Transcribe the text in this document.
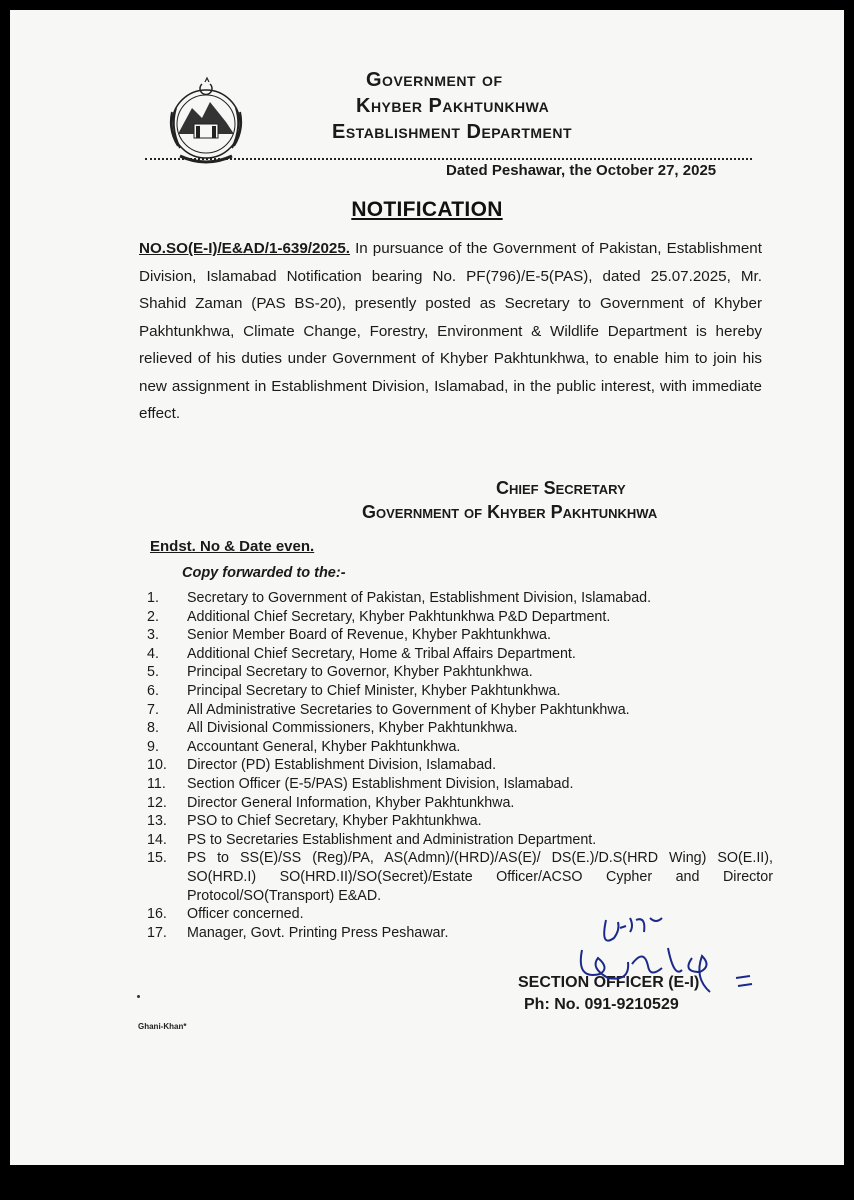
Government of
Khyber Pakhtunkhwa
Establishment Department
Dated Peshawar, the October 27, 2025
NOTIFICATION
NO.SO(E-I)/E&AD/1-639/2025. In pursuance of the Government of Pakistan, Establishment Division, Islamabad Notification bearing No. PF(796)/E-5(PAS), dated 25.07.2025, Mr. Shahid Zaman (PAS BS-20), presently posted as Secretary to Government of Khyber Pakhtunkhwa, Climate Change, Forestry, Environment & Wildlife Department is hereby relieved of his duties under Government of Khyber Pakhtunkhwa, to enable him to join his new assignment in Establishment Division, Islamabad, in the public interest, with immediate effect.
Chief Secretary
Government of Khyber Pakhtunkhwa
Endst. No & Date even.
Copy forwarded to the:-
1.	Secretary to Government of Pakistan, Establishment Division, Islamabad.
2.	Additional Chief Secretary, Khyber Pakhtunkhwa P&D Department.
3.	Senior Member Board of Revenue, Khyber Pakhtunkhwa.
4.	Additional Chief Secretary, Home & Tribal Affairs Department.
5.	Principal Secretary to Governor, Khyber Pakhtunkhwa.
6.	Principal Secretary to Chief Minister, Khyber Pakhtunkhwa.
7.	All Administrative Secretaries to Government of Khyber Pakhtunkhwa.
8.	All Divisional Commissioners, Khyber Pakhtunkhwa.
9.	Accountant General, Khyber Pakhtunkhwa.
10.	Director (PD) Establishment Division, Islamabad.
11.	Section Officer (E-5/PAS) Establishment Division, Islamabad.
12.	Director General Information, Khyber Pakhtunkhwa.
13.	PSO to Chief Secretary, Khyber Pakhtunkhwa.
14.	PS to Secretaries Establishment and Administration Department.
15.	PS to SS(E)/SS (Reg)/PA, AS(Admn)/(HRD)/AS(E)/ DS(E.)/D.S(HRD Wing) SO(E.II), SO(HRD.I) SO(HRD.II)/SO(Secret)/Estate Officer/ACSO Cypher and Director Protocol/SO(Transport) E&AD.
16.	Officer concerned.
17.	Manager, Govt. Printing Press Peshawar.
SECTION OFFICER (E-I)
Ph: No. 091-9210529
Ghani-Khan*
